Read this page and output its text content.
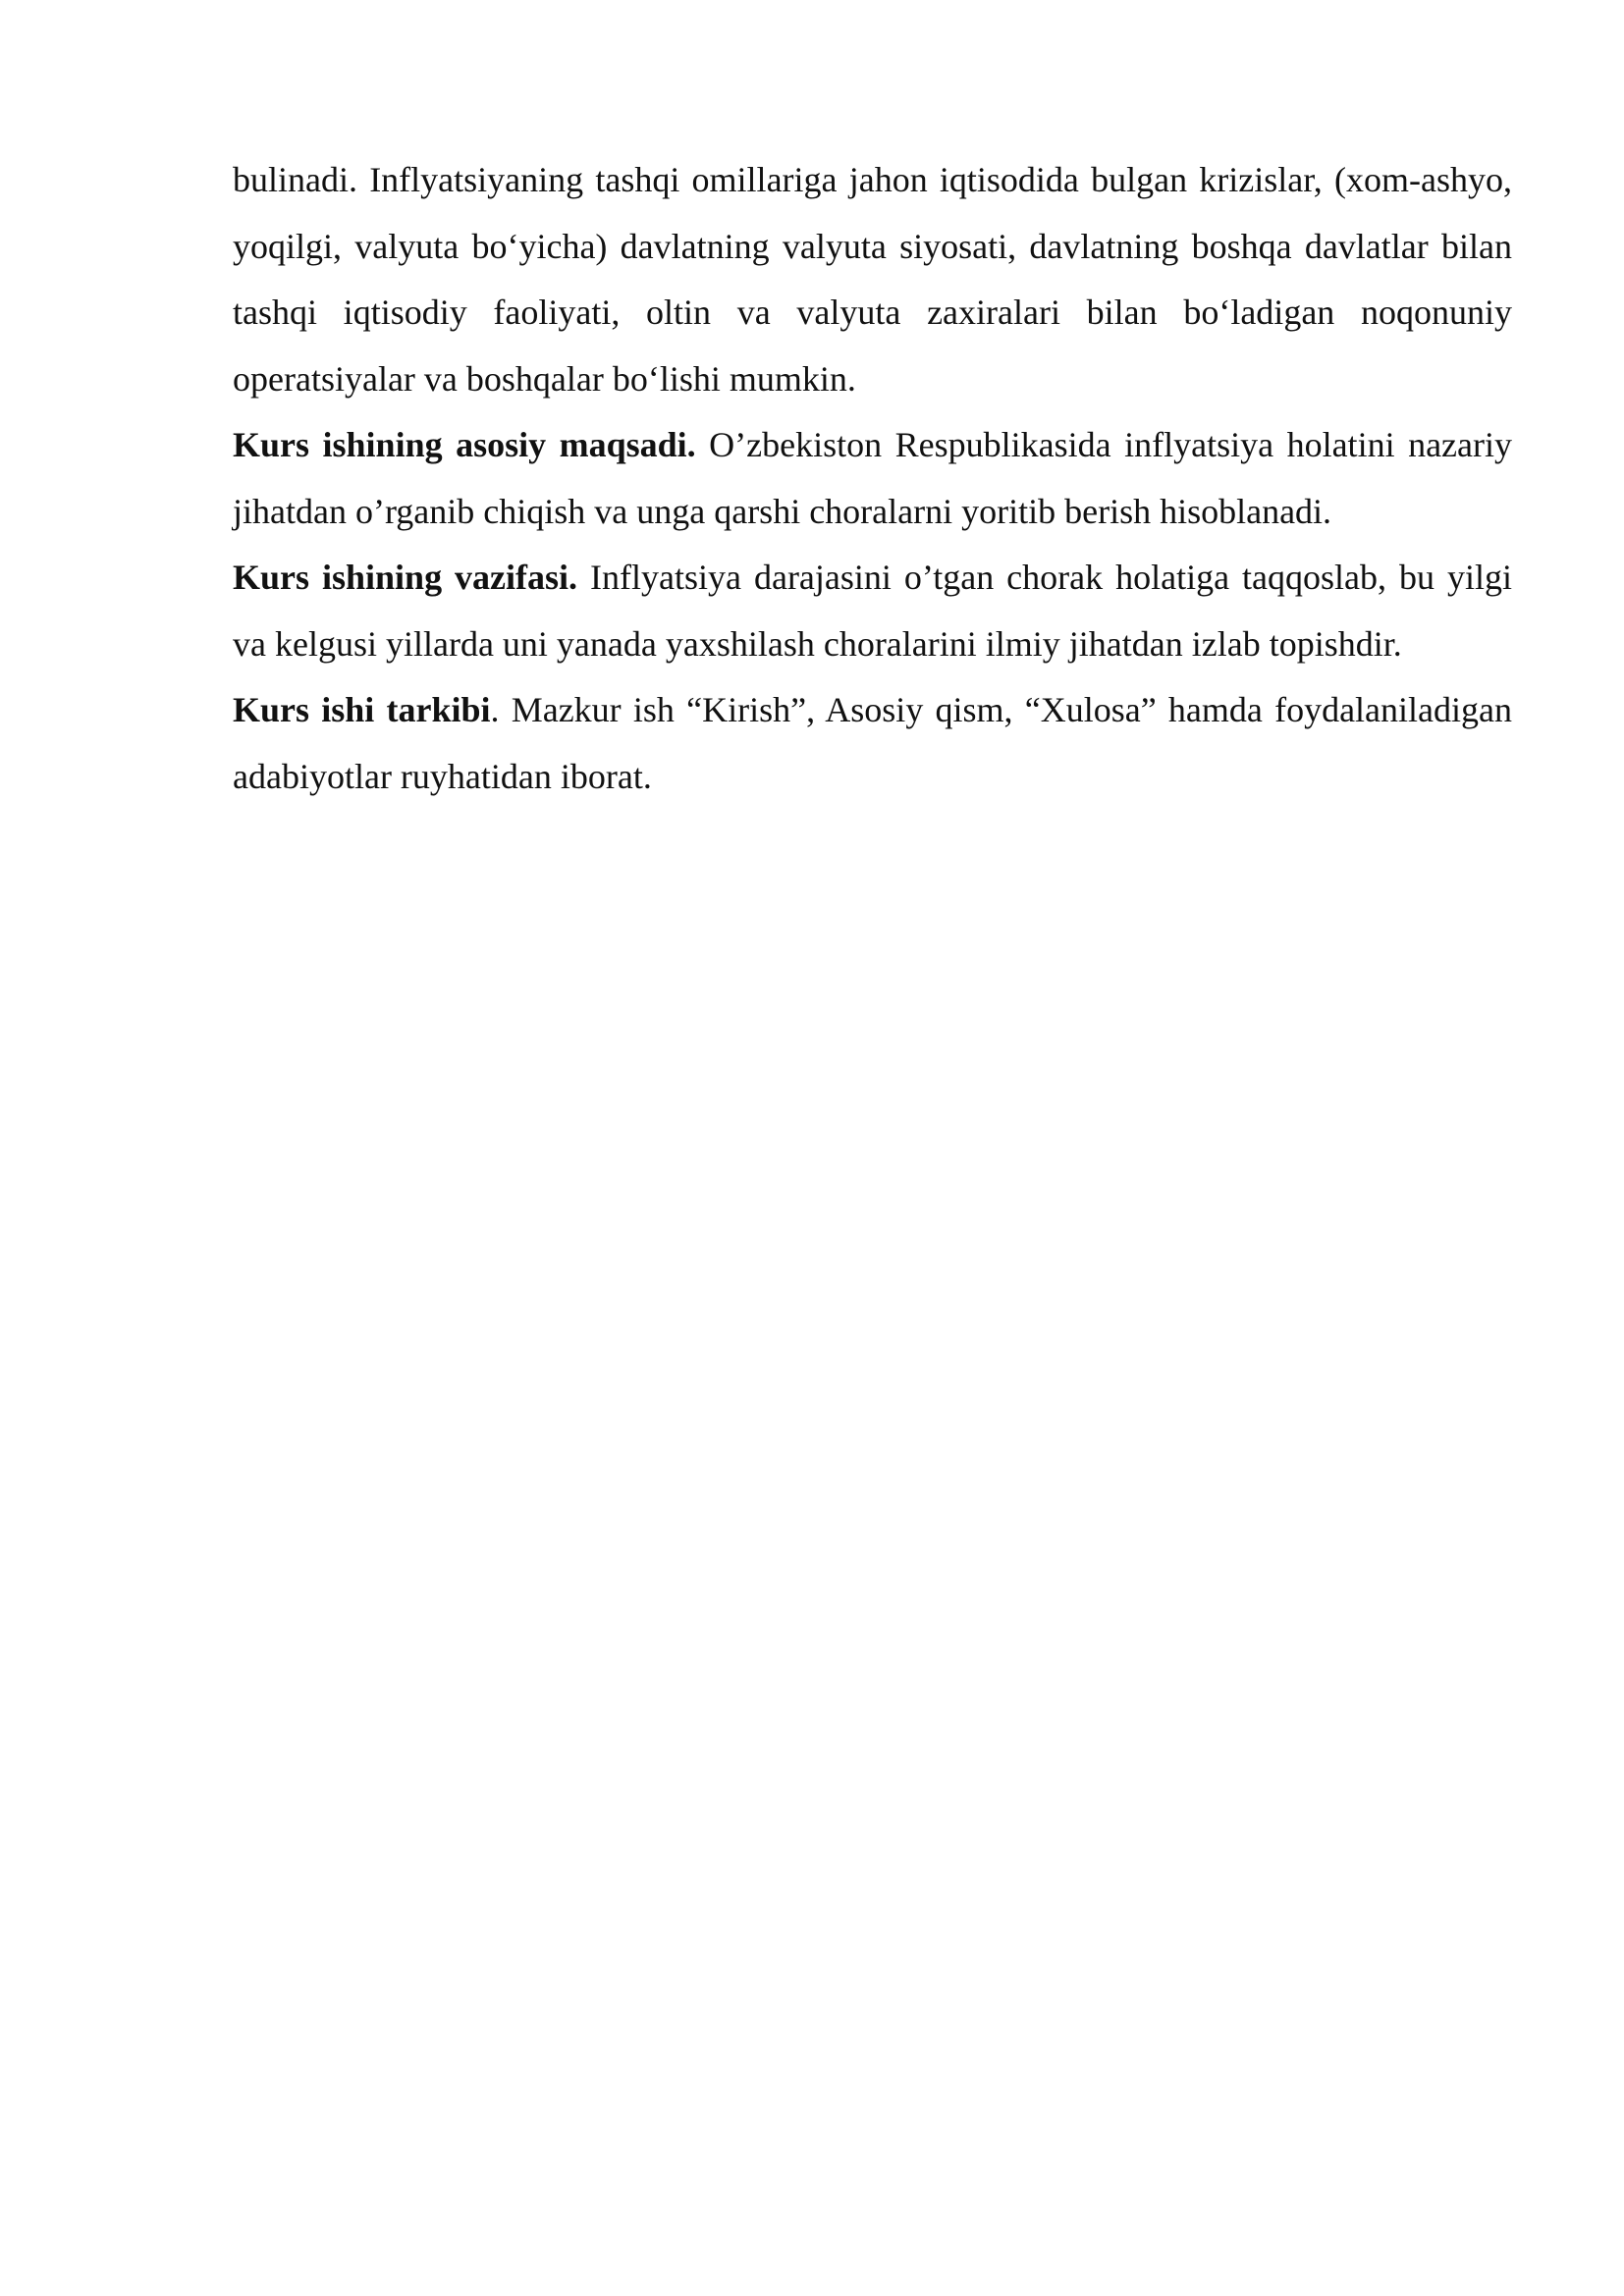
bulinadi. Inflyatsiyaning tashqi omillariga jahon iqtisodida bulgan krizislar, (xom-ashyo, yoqilgi, valyuta bo‘yicha) davlatning valyuta siyosati, davlatning boshqa davlatlar bilan tashqi iqtisodiy faoliyati, oltin va valyuta zaxiralari bilan bo‘ladigan noqonuniy operatsiyalar va boshqalar bo‘lishi mumkin.

Kurs ishining asosiy maqsadi. O’zbekiston Respublikasida inflyatsiya holatini nazariy jihatdan o’rganib chiqish va unga qarshi choralarni yoritib berish hisoblanadi.

Kurs ishining vazifasi. Inflyatsiya darajasini o’tgan chorak holatiga taqqoslab, bu yilgi va kelgusi yillarda uni yanada yaxshilash choralarini ilmiy jihatdan izlab topishdir.

Kurs ishi tarkibi. Mazkur ish “Kirish”, Asosiy qism, “Xulosa” hamda foydalaniladigan adabiyotlar ruyhatidan iborat.
